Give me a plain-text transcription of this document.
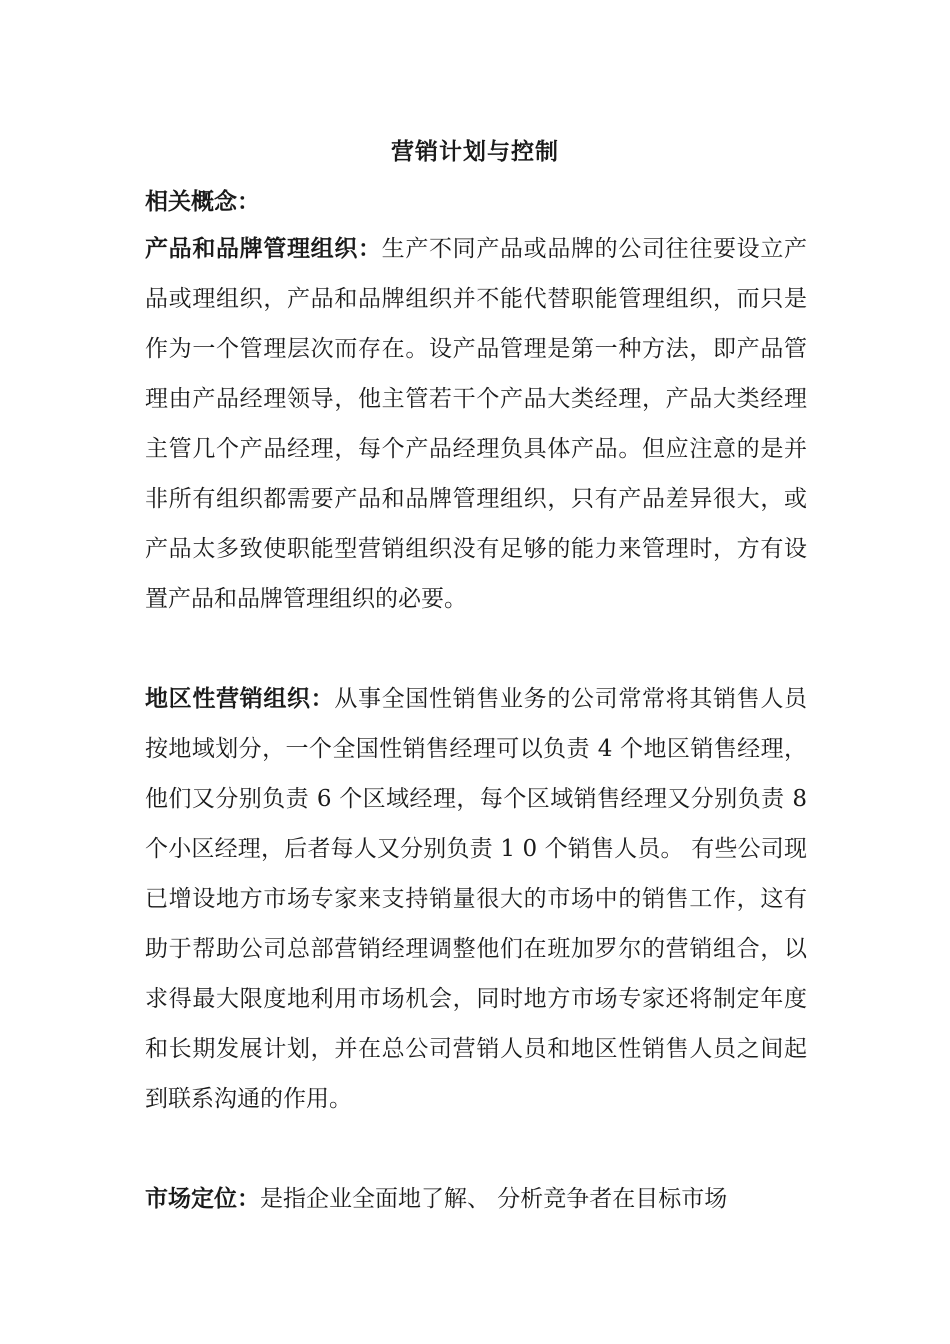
营销计划与控制
相关概念：
产品和品牌管理组织：生产不同产品或品牌的公司往往要设立产品或理组织，产品和品牌组织并不能代替职能管理组织，而只是作为一个管理层次而存在。设产品管理是第一种方法，即产品管理由产品经理领导，他主管若干个产品大类经理，产品大类经理主管几个产品经理，每个产品经理负具体产品。但应注意的是并非所有组织都需要产品和品牌管理组织，只有产品差异很大，或产品太多致使职能型营销组织没有足够的能力来管理时，方有设置产品和品牌管理组织的必要。
地区性营销组织：从事全国性销售业务的公司常常将其销售人员按地域划分，一个全国性销售经理可以负责 4 个地区销售经理，他们又分别负责 6 个区域经理，每个区域销售经理又分别负责 8 个小区经理，后者每人又分别负责 1 0 个销售人员。 有些公司现已增设地方市场专家来支持销量很大的市场中的销售工作，这有助于帮助公司总部营销经理调整他们在班加罗尔的营销组合，以求得最大限度地利用市场机会，同时地方市场专家还将制定年度和长期发展计划，并在总公司营销人员和地区性销售人员之间起到联系沟通的作用。
市场定位：是指企业全面地了解、 分析竞争者在目标市场
